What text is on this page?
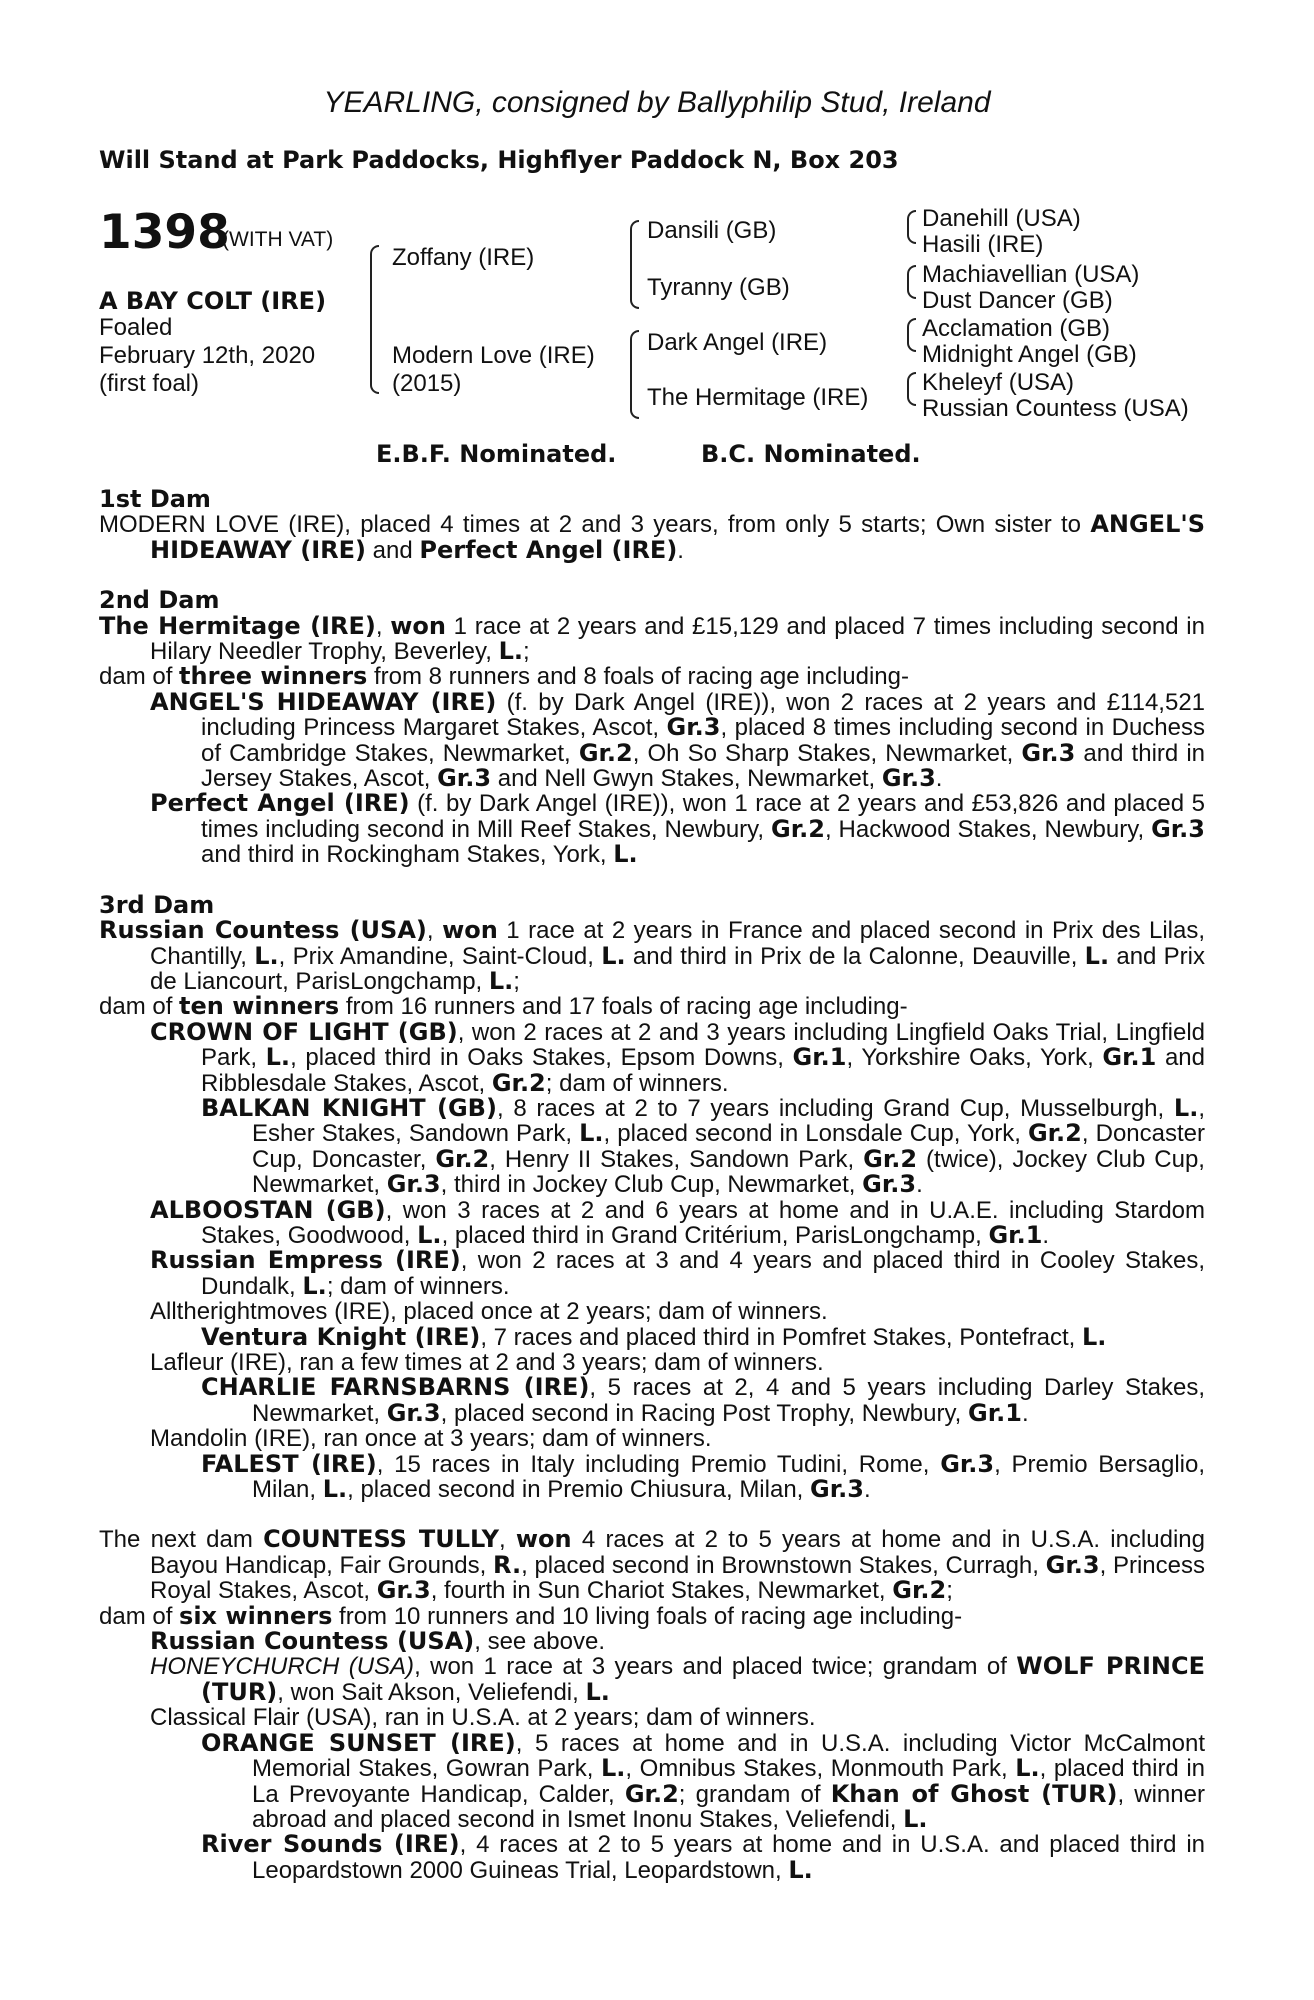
YEARLING, consigned by Ballyphilip Stud, Ireland
Will Stand at Park Paddocks, Highflyer Paddock N, Box 203
1398
(WITH VAT)
A BAY COLT (IRE)
Foaled
February 12th, 2020
(first foal)
Zoffany (IRE)
Modern Love (IRE)
(2015)
Dansili (GB)
Tyranny (GB)
Dark Angel (IRE)
The Hermitage (IRE)
Danehill (USA)
Hasili (IRE)
Machiavellian (USA)
Dust Dancer (GB)
Acclamation (GB)
Midnight Angel (GB)
Kheleyf (USA)
Russian Countess (USA)
E.B.F. Nominated.	B.C. Nominated.
1st Dam
MODERN LOVE (IRE), placed 4 times at 2 and 3 years, from only 5 starts; Own sister to ANGEL'S HIDEAWAY (IRE) and Perfect Angel (IRE).
2nd Dam
The Hermitage (IRE), won 1 race at 2 years and £15,129 and placed 7 times including second in Hilary Needler Trophy, Beverley, L.;
dam of three winners from 8 runners and 8 foals of racing age including-
ANGEL'S HIDEAWAY (IRE) (f. by Dark Angel (IRE)), won 2 races at 2 years and £114,521 including Princess Margaret Stakes, Ascot, Gr.3, placed 8 times including second in Duchess of Cambridge Stakes, Newmarket, Gr.2, Oh So Sharp Stakes, Newmarket, Gr.3 and third in Jersey Stakes, Ascot, Gr.3 and Nell Gwyn Stakes, Newmarket, Gr.3.
Perfect Angel (IRE) (f. by Dark Angel (IRE)), won 1 race at 2 years and £53,826 and placed 5 times including second in Mill Reef Stakes, Newbury, Gr.2, Hackwood Stakes, Newbury, Gr.3 and third in Rockingham Stakes, York, L.
3rd Dam
Russian Countess (USA), won 1 race at 2 years in France and placed second in Prix des Lilas, Chantilly, L., Prix Amandine, Saint-Cloud, L. and third in Prix de la Calonne, Deauville, L. and Prix de Liancourt, ParisLongchamp, L.;
dam of ten winners from 16 runners and 17 foals of racing age including-
CROWN OF LIGHT (GB), won 2 races at 2 and 3 years including Lingfield Oaks Trial, Lingfield Park, L., placed third in Oaks Stakes, Epsom Downs, Gr.1, Yorkshire Oaks, York, Gr.1 and Ribblesdale Stakes, Ascot, Gr.2; dam of winners.
BALKAN KNIGHT (GB), 8 races at 2 to 7 years including Grand Cup, Musselburgh, L., Esher Stakes, Sandown Park, L., placed second in Lonsdale Cup, York, Gr.2, Doncaster Cup, Doncaster, Gr.2, Henry II Stakes, Sandown Park, Gr.2 (twice), Jockey Club Cup, Newmarket, Gr.3, third in Jockey Club Cup, Newmarket, Gr.3.
ALBOOSTAN (GB), won 3 races at 2 and 6 years at home and in U.A.E. including Stardom Stakes, Goodwood, L., placed third in Grand Critérium, ParisLongchamp, Gr.1.
Russian Empress (IRE), won 2 races at 3 and 4 years and placed third in Cooley Stakes, Dundalk, L.; dam of winners.
Alltherightmoves (IRE), placed once at 2 years; dam of winners.
Ventura Knight (IRE), 7 races and placed third in Pomfret Stakes, Pontefract, L.
Lafleur (IRE), ran a few times at 2 and 3 years; dam of winners.
CHARLIE FARNSBARNS (IRE), 5 races at 2, 4 and 5 years including Darley Stakes, Newmarket, Gr.3, placed second in Racing Post Trophy, Newbury, Gr.1.
Mandolin (IRE), ran once at 3 years; dam of winners.
FALEST (IRE), 15 races in Italy including Premio Tudini, Rome, Gr.3, Premio Bersaglio, Milan, L., placed second in Premio Chiusura, Milan, Gr.3.
The next dam COUNTESS TULLY, won 4 races at 2 to 5 years at home and in U.S.A. including Bayou Handicap, Fair Grounds, R., placed second in Brownstown Stakes, Curragh, Gr.3, Princess Royal Stakes, Ascot, Gr.3, fourth in Sun Chariot Stakes, Newmarket, Gr.2;
dam of six winners from 10 runners and 10 living foals of racing age including-
Russian Countess (USA), see above.
HONEYCHURCH (USA), won 1 race at 3 years and placed twice; grandam of WOLF PRINCE (TUR), won Sait Akson, Veliefendi, L.
Classical Flair (USA), ran in U.S.A. at 2 years; dam of winners.
ORANGE SUNSET (IRE), 5 races at home and in U.S.A. including Victor McCalmont Memorial Stakes, Gowran Park, L., Omnibus Stakes, Monmouth Park, L., placed third in La Prevoyante Handicap, Calder, Gr.2; grandam of Khan of Ghost (TUR), winner abroad and placed second in Ismet Inonu Stakes, Veliefendi, L.
River Sounds (IRE), 4 races at 2 to 5 years at home and in U.S.A. and placed third in Leopardstown 2000 Guineas Trial, Leopardstown, L.
